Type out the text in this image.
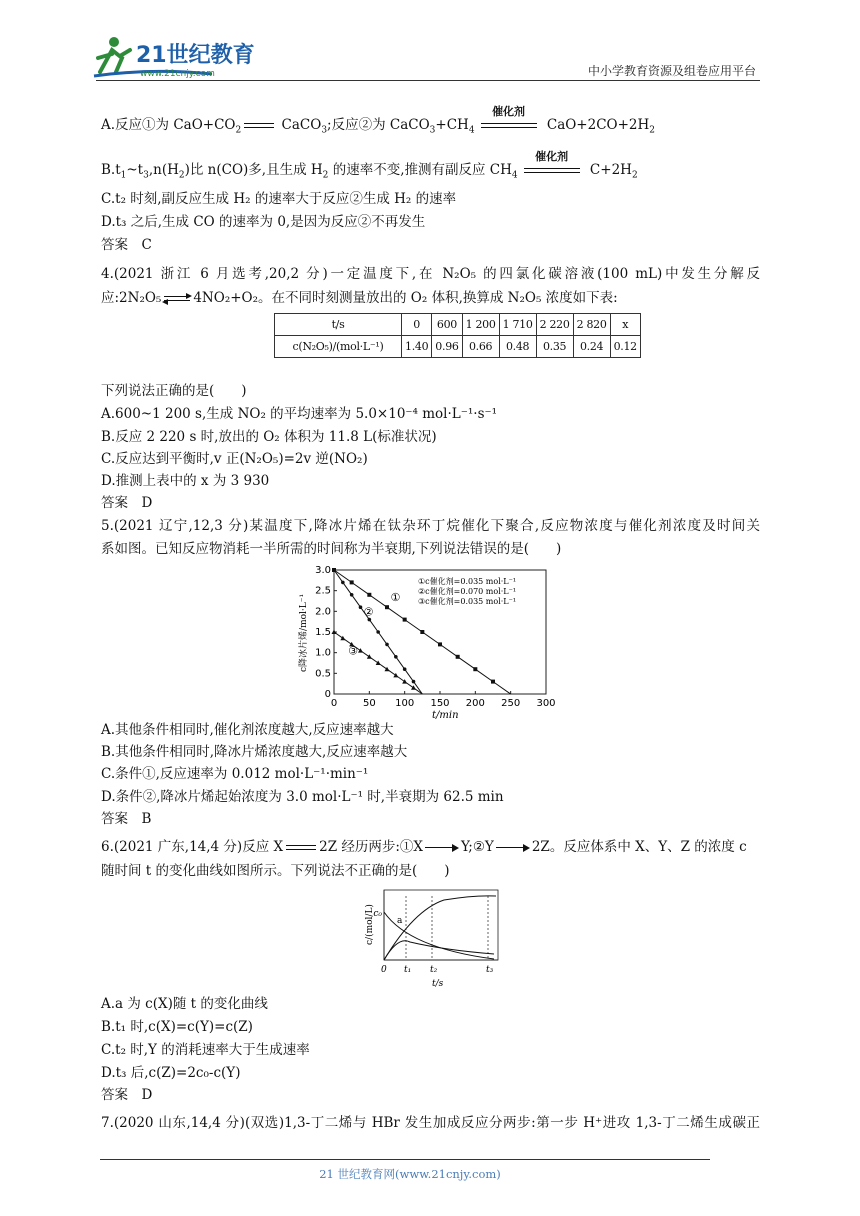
21世纪教育
www.21cnjy.com	中小学教育资源及组卷应用平台
A.反应①为 $CaO+CO_2$	CaCO$_3$;反应②为 $CaCO_3+CH_4$
催化剂
$CaO+2CO+2H_2$
$B.t_1\sim t_3,n(H_2)$比 n(CO)多,且生成 $H_2$ 的速率不变,推测有副反应 $CH_4$
催化剂
$C+2H_2$
C.t₂ 时刻,副反应生成 H₂ 的速率大于反应②生成 H₂ 的速率
D.t₃ 之后,生成 CO 的速率为 0,是因为反应②不再发生
答案　C
4.(2021 浙江 6 月选考,20,2 分)一定温度下,在 N₂O₅ 的四氯化碳溶液(100 mL)中发生分解反
应:2N₂O₅ 4NO₂+O₂。在不同时刻测量放出的 O₂ 体积,换算成 N₂O₅ 浓度如下表:
t/s	0	600	1 200	1 710	2 220	2 820	x
c(N₂O₅)/(mol·L⁻¹)	1.40	0.96	0.66	0.48	0.35	0.24	0.12
下列说法正确的是(　　)
A.600~1 200 s,生成 NO₂ 的平均速率为 5.0×10⁻⁴ mol·L⁻¹·s⁻¹
B.反应 2 220 s 时,放出的 O₂ 体积为 11.8 L(标准状况)
C.反应达到平衡时,v 正(N₂O₅)=2v 逆(NO₂)
D.推测上表中的 x 为 3 930
答案　D
5.(2021 辽宁,12,3 分)某温度下,降冰片烯在钛杂环丁烷催化下聚合,反应物浓度与催化剂浓度及时间关
系如图。已知反应物消耗一半所需的时间称为半衰期,下列说法错误的是(　　)
0	50 100 150 200 250 300
0
0.5
1.0
1.5
2.0
2.5
3.0
t/min
c降冰片烯/mol·L⁻¹	①
②
③
①c催化剂=0.035 mol·L⁻¹
②c催化剂=0.070 mol·L⁻¹
③c催化剂=0.035 mol·L⁻¹
A.其他条件相同时,催化剂浓度越大,反应速率越大
B.其他条件相同时,降冰片烯浓度越大,反应速率越大
C.条件①,反应速率为 0.012 mol·L⁻¹·min⁻¹
D.条件②,降冰片烯起始浓度为 3.0 mol·L⁻¹ 时,半衰期为 62.5 min
答案　B
6.(2021 广东,14,4 分)反应 X	2Z 经历两步:①X	Y;②Y	2Z。反应体系中 X、Y、Z 的浓度 c
随时间 t 的变化曲线如图所示。下列说法不正确的是(　　)
0 t₁ t₂	t₃
t/s
c/(mol/L)
c₀
a
A.a 为 c(X)随 t 的变化曲线
B.t₁ 时,c(X)=c(Y)=c(Z)
C.t₂ 时,Y 的消耗速率大于生成速率
D.t₃ 后,c(Z)=2c₀-c(Y)
答案　D
7.(2020 山东,14,4 分)(双选)1,3-丁二烯与 HBr 发生加成反应分两步:第一步 H⁺进攻 1,3-丁二烯生成碳正
21 世纪教育网(www.21cnjy.com)
